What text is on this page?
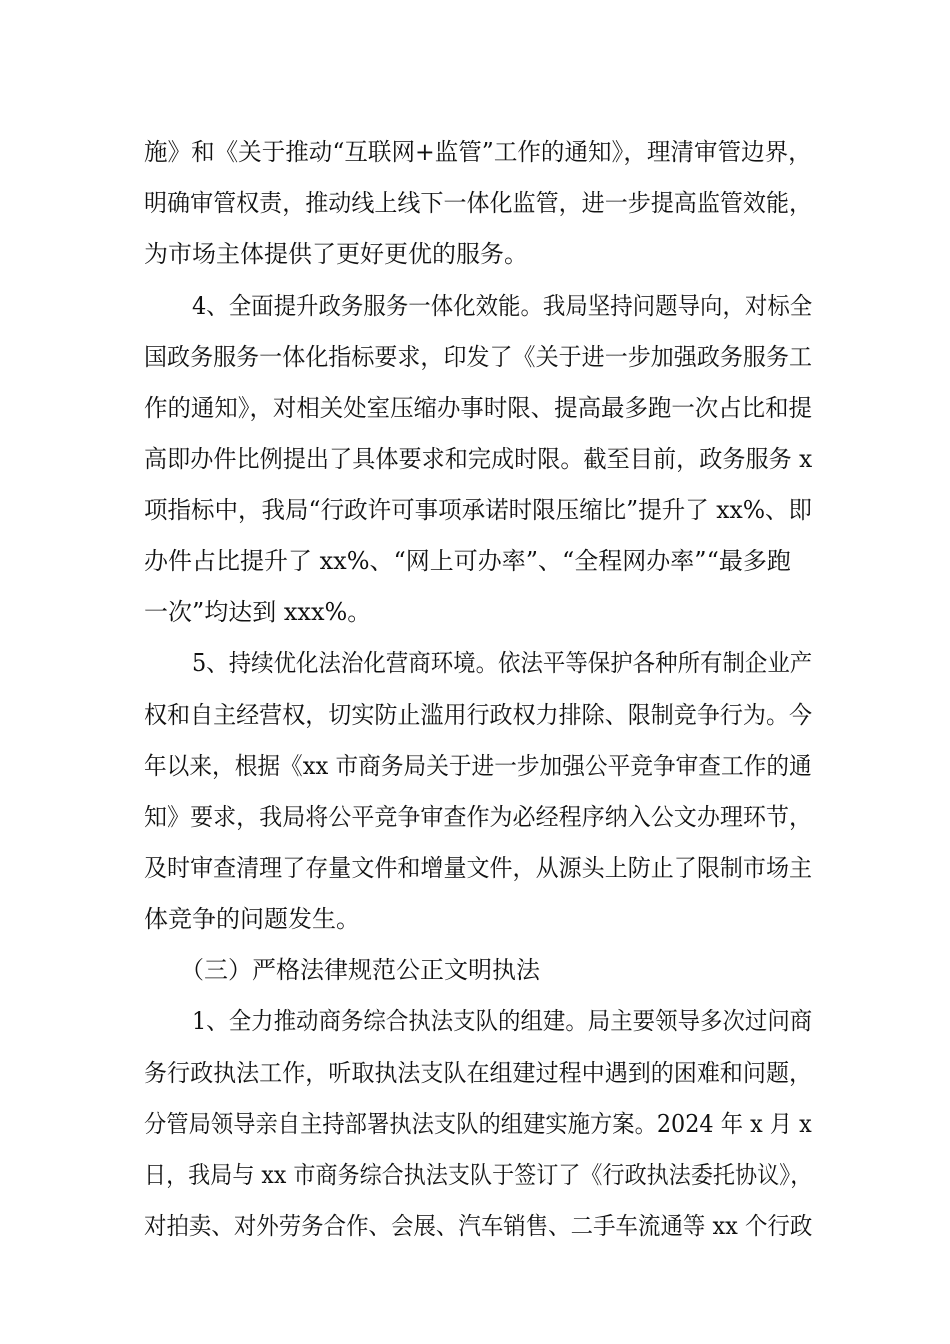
施》和《关于推动“互联网+监管”工作的通知》，理清审管边界，
明确审管权责，推动线上线下一体化监管，进一步提高监管效能，
为市场主体提供了更好更优的服务。
4、全面提升政务服务一体化效能。我局坚持问题导向，对标全
国政务服务一体化指标要求，印发了《关于进一步加强政务服务工
作的通知》，对相关处室压缩办事时限、提高最多跑一次占比和提
高即办件比例提出了具体要求和完成时限。截至目前，政务服务 x
项指标中，我局“行政许可事项承诺时限压缩比”提升了 xx%、即
办件占比提升了 xx%、“网上可办率”、“全程网办率”“最多跑
一次”均达到 xxx%。
5、持续优化法治化营商环境。依法平等保护各种所有制企业产
权和自主经营权，切实防止滥用行政权力排除、限制竞争行为。今
年以来，根据《xx 市商务局关于进一步加强公平竞争审查工作的通
知》要求，我局将公平竞争审查作为必经程序纳入公文办理环节，
及时审查清理了存量文件和增量文件，从源头上防止了限制市场主
体竞争的问题发生。
（三）严格法律规范公正文明执法
1、全力推动商务综合执法支队的组建。局主要领导多次过问商
务行政执法工作，听取执法支队在组建过程中遇到的困难和问题，
分管局领导亲自主持部署执法支队的组建实施方案。2024 年 x 月 x
日，我局与 xx 市商务综合执法支队于签订了《行政执法委托协议》，
对拍卖、对外劳务合作、会展、汽车销售、二手车流通等 xx 个行政
